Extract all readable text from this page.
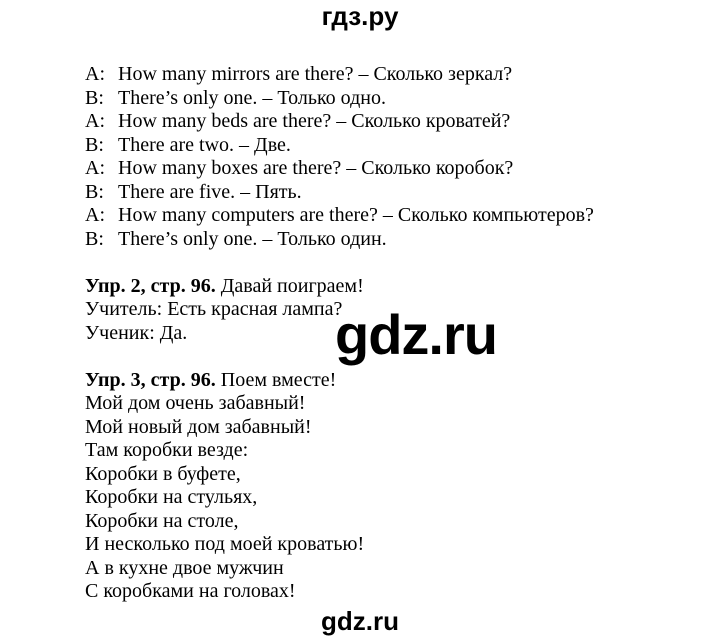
гдз.ру
A: How many mirrors are there? – Сколько зеркал?
B: There’s only one. – Только одно.
A: How many beds are there? – Сколько кроватей?
B: There are two. – Две.
A: How many boxes are there? – Сколько коробок?
B: There are five. – Пять.
A: How many computers are there? – Сколько компьютеров?
B: There’s only one. – Только один.
Упр. 2, стр. 96. Давай поиграем!
Учитель: Есть красная лампа?
Ученик: Да.
Упр. 3, стр. 96. Поем вместе!
Мой дом очень забавный!
Мой новый дом забавный!
Там коробки везде:
Коробки в буфете,
Коробки на стульях,
Коробки на столе,
И несколько под моей кроватью!
А в кухне двое мужчин
С коробками на головах!
gdz.ru
gdz.ru
